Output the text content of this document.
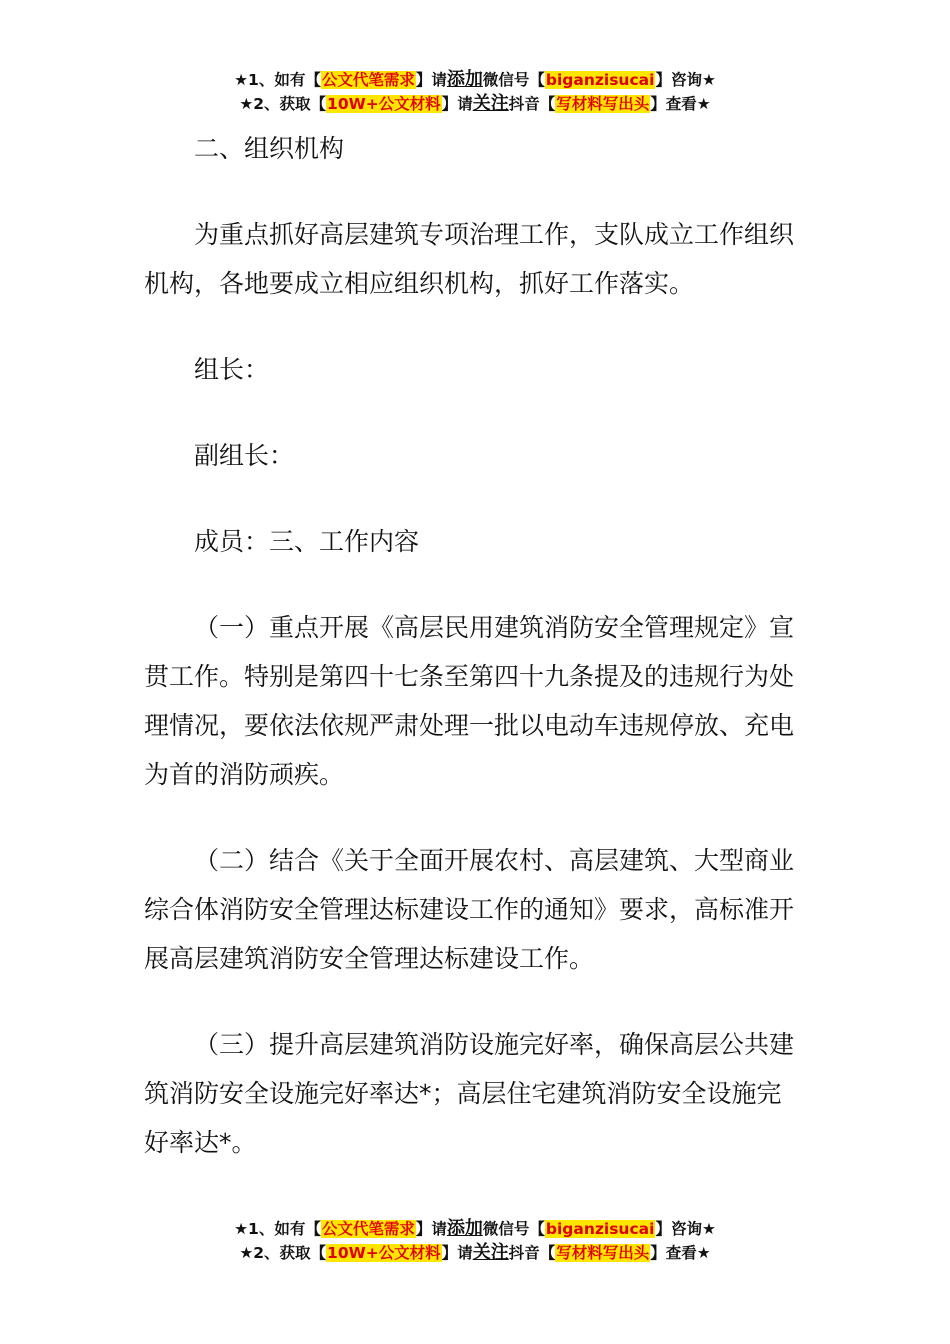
★1、如有【公文代笔需求】请添加微信号【biganzisucai】咨询★
★2、获取【10W+公文材料】请关注抖音【写材料写出头】查看★

二、组织机构

为重点抓好高层建筑专项治理工作，支队成立工作组织机构，各地要成立相应组织机构，抓好工作落实。

组长：

副组长：

成员：三、工作内容

（一）重点开展《高层民用建筑消防安全管理规定》宣贯工作。特别是第四十七条至第四十九条提及的违规行为处理情况，要依法依规严肃处理一批以电动车违规停放、充电为首的消防顽疾。

（二）结合《关于全面开展农村、高层建筑、大型商业综合体消防安全管理达标建设工作的通知》要求，高标准开展高层建筑消防安全管理达标建设工作。

（三）提升高层建筑消防设施完好率，确保高层公共建筑消防安全设施完好率达*；高层住宅建筑消防安全设施完好率达*。

★1、如有【公文代笔需求】请添加微信号【biganzisucai】咨询★
★2、获取【10W+公文材料】请关注抖音【写材料写出头】查看★
